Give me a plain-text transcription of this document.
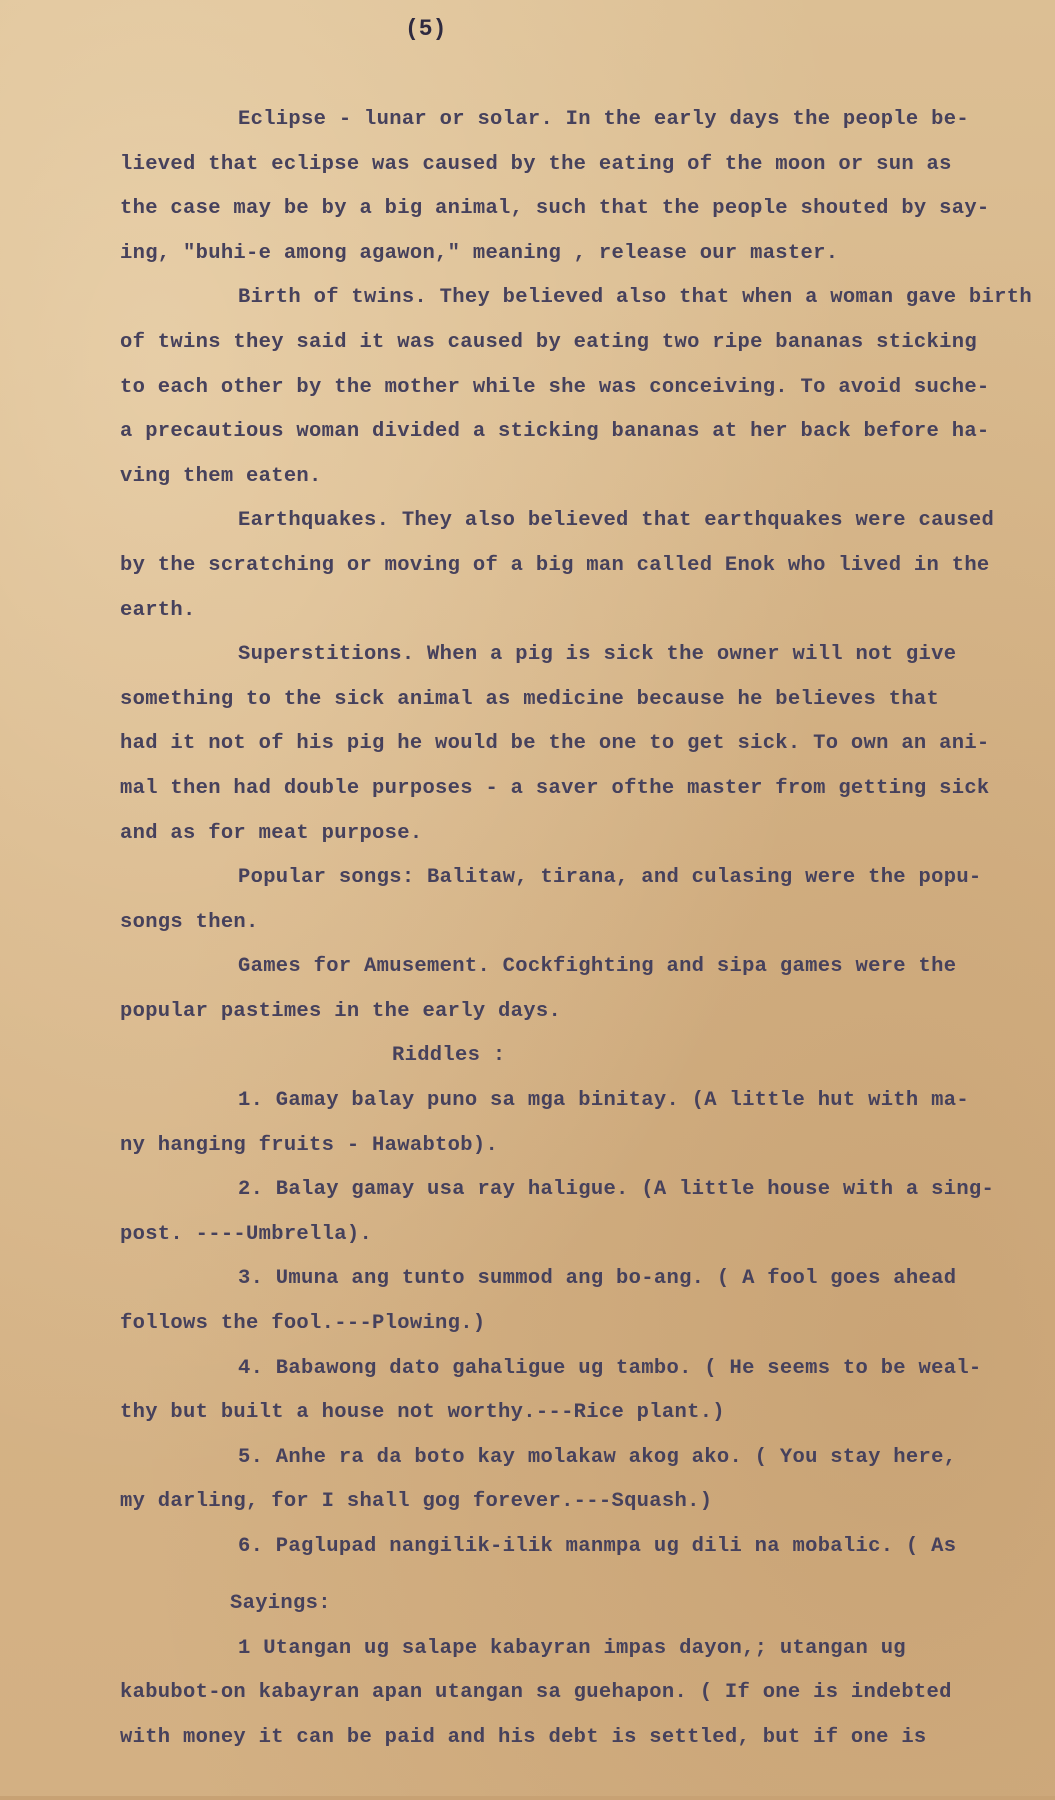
(5)
Eclipse - lunar or solar. In the early days the people be-
lieved that eclipse was caused by the eating of the moon or sun as
the case may be by a big animal, such that the people shouted by say-
ing, "buhi-e among agawon," meaning , release our master.
Birth of twins. They believed also that when a woman gave birth
of twins they said it was caused by eating two ripe bananas sticking
to each other by the mother while she was conceiving. To avoid suche-
a precautious woman divided a sticking bananas at her back before ha-
ving them eaten.
Earthquakes. They also believed that earthquakes were caused
by the scratching or moving of a big man called Enok who lived in the
earth.
Superstitions. When a pig is sick the owner will not give
something to the sick animal as medicine because he believes that
had it not of his pig he would be the one to get sick. To own an ani-
mal then had double purposes - a saver ofthe master from getting sick
and as for meat purpose.
Popular songs: Balitaw, tirana, and culasing were the popu-
songs then.
Games for Amusement. Cockfighting and sipa games were the
popular pastimes in the early days.
Riddles :
1. Gamay balay puno sa mga binitay. (A little hut with ma-
ny hanging fruits - Hawabtob).
2. Balay gamay usa ray haligue. (A little house with a sing-
post. ----Umbrella).
3. Umuna ang tunto summod ang bo-ang. ( A fool goes ahead
follows the fool.---Plowing.)
4. Babawong dato gahaligue ug tambo. ( He seems to be weal-
thy but built a house not worthy.---Rice plant.)
5. Anhe ra da boto kay molakaw akog ako. ( You stay here,
my darling, for I shall gog forever.---Squash.)
6. Paglupad nangilik-ilik manmpa ug dili na mobalic. ( As
Sayings:
1 Utangan ug salape kabayran impas dayon,; utangan ug
kabubot-on kabayran apan utangan sa guehapon. ( If one is indebted
with money it can be paid and his debt is settled, but if one is
